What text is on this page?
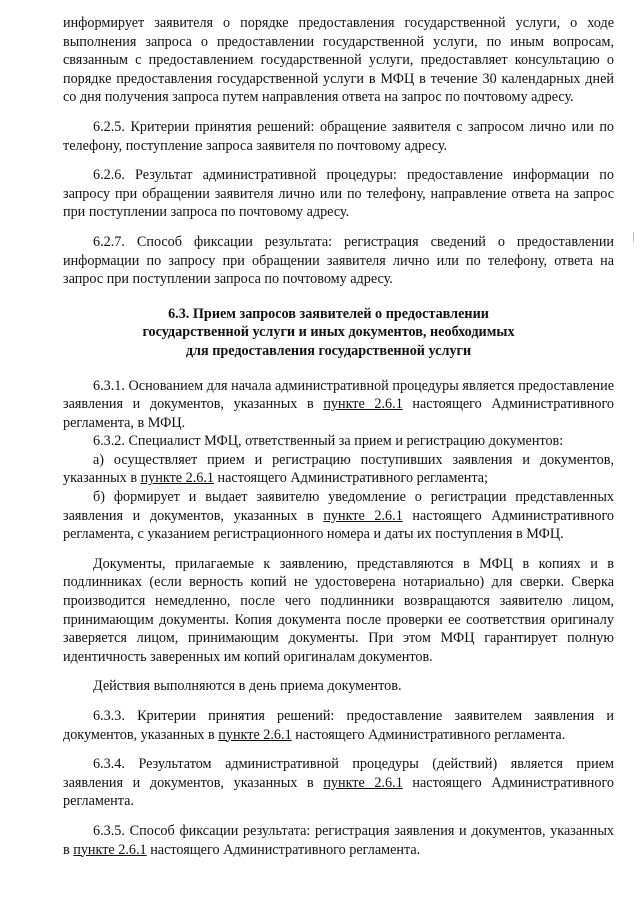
информирует заявителя о порядке предоставления государственной услуги, о ходе выполнения запроса о предоставлении государственной услуги, по иным вопросам, связанным с предоставлением государственной услуги, предоставляет консультацию о порядке предоставления государственной услуги в МФЦ в течение 30 календарных дней со дня получения запроса путем направления ответа на запрос по почтовому адресу.

6.2.5. Критерии принятия решений: обращение заявителя с запросом лично или по телефону, поступление запроса заявителя по почтовому адресу.

6.2.6. Результат административной процедуры: предоставление информации по запросу при обращении заявителя лично или по телефону, направление ответа на запрос при поступлении запроса по почтовому адресу.

6.2.7. Способ фиксации результата: регистрация сведений о предоставлении информации по запросу при обращении заявителя лично или по телефону, ответа на запрос при поступлении запроса по почтовому адресу.

6.3. Прием запросов заявителей о предоставлении
государственной услуги и иных документов, необходимых
для предоставления государственной услуги

6.3.1. Основанием для начала административной процедуры является предоставление заявления и документов, указанных в пункте 2.6.1 настоящего Административного регламента, в МФЦ.

6.3.2. Специалист МФЦ, ответственный за прием и регистрацию документов:

а) осуществляет прием и регистрацию поступивших заявления и документов, указанных в пункте 2.6.1 настоящего Административного регламента;

б) формирует и выдает заявителю уведомление о регистрации представленных заявления и документов, указанных в пункте 2.6.1 настоящего Административного регламента, с указанием регистрационного номера и даты их поступления в МФЦ.

Документы, прилагаемые к заявлению, представляются в МФЦ в копиях и в подлинниках (если верность копий не удостоверена нотариально) для сверки. Сверка производится немедленно, после чего подлинники возвращаются заявителю лицом, принимающим документы. Копия документа после проверки ее соответствия оригиналу заверяется лицом, принимающим документы. При этом МФЦ гарантирует полную идентичность заверенных им копий оригиналам документов.

Действия выполняются в день приема документов.

6.3.3. Критерии принятия решений: предоставление заявителем заявления и документов, указанных в пункте 2.6.1 настоящего Административного регламента.

6.3.4. Результатом административной процедуры (действий) является прием заявления и документов, указанных в пункте 2.6.1 настоящего Административного регламента.

6.3.5. Способ фиксации результата: регистрация заявления и документов, указанных в пункте 2.6.1 настоящего Административного регламента.
